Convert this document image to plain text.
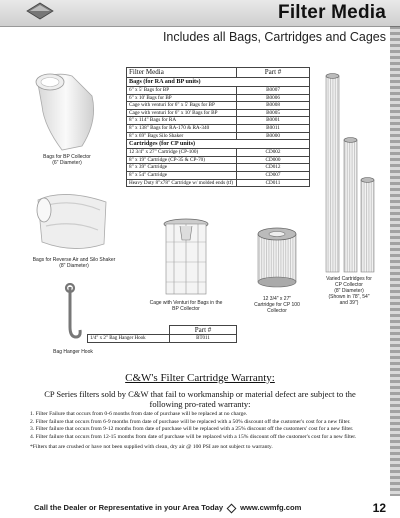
Filter Media
Includes all Bags, Cartridges and Cages
Bags for BP Collector
(6" Diameter)
Bags for Reverse Air and Silo Shaker
(8" Diameter)
Bag Hanger Hook
Cage with Venturi for Bags in the
BP Collector
12 3/4" x 27"
Cartridge for CP 100
Collector
Varied Cartridges for
CP Collector
(8" Diameter)
(Shown in 78", 54"
and 39")
Filter Media	Part #
Bags (for RA and BP units)	
6" x 5' Bags for BP	B0007
6" x 10' Bags for BP	B0006
Cage with venturi for 6" x 5' Bags for BP	B0008
Cage with venturi for 6" x 10' Bags for BP	B0005
8" x 114" Bags for RA	B0001
8" x 138" Bags for RA-170 & RA-340	B0011
8" x 69" Bags Silo Shaker	B0000
Cartridges (for CP units)	
12 3/4" x 27" Cartridge (CP-100)	CD002
8" x 19" Cartridge (CP-35 & CP-70)	CD000
8" x 39" Cartridge	CD012
8" x 54" Cartridge	CD007
Heavy Duty 8"x78" Cartridge w/ molded ends (tf)	CD011
	Part #
1/4" x 2" Bag Hanger Hook	BT011
C&W's Filter Cartridge Warranty:
CP Series filters sold by C&W that fail to workmanship or material defect are subject to the following pro-rated warranty:

1. Filter Failure that occurs from 0-6 months from date of purchase will be replaced at no charge.

2. Filter failure that occurs from 6-9 months from date of purchase will be replaced with a 50% discount off the customer's cost for a new filter.

3. Filter failure that occurs from 9-12 months from date of purchase will be replaced with a 25% discount off the customers' cost for a new filter.

4. Filter failure that occurs from 12-15 months from date of purchase will be replaced with a 15% discount off the customer's cost for a new filter.

*Filters that are crushed or have not been supplied with clean, dry air @ 100 PSI are not subject to warranty.

Call the Dealer or Representative in your Area Today www.cwmfg.com	12
